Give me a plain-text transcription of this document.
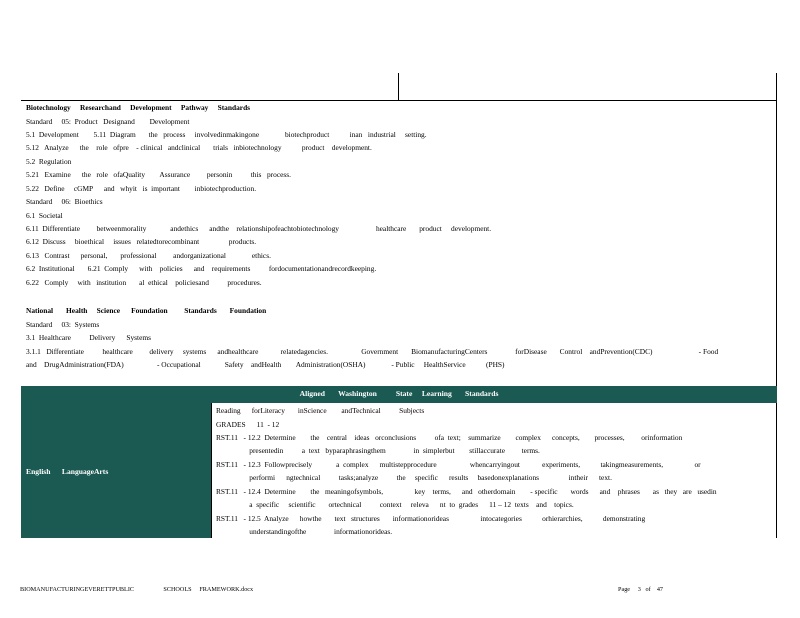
Biotechnology     Researchand     Development     Pathway     Standards
Standard     05:  Product   Designand        Development
5.1  Development        5.11  Diagram       the   process     involvedinmakingone              biotechproduct           inan   industrial     setting.
5.12   Analyze      the    role   ofpre    - clinical   andclinical       trials   inbiotechnology           product    development.
5.2  Regulation
5.21   Examine      the   role   ofaQuality        Assurance         personin          this   process.
5.22   Define     cGMP      and   whyit   is  important        inbiotechproduction.
Standard     06:  Bioethics
6.1  Societal
6.11  Differentiate         betweenmorality             andethics      andthe    relationshipofeachtobiotechnology                    healthcare       product     development.
6.12  Discuss     bioethical     issues   relatedtorecombinant                products.
6.13   Contrast      personal,       professional         andorganizational              ethics.
6.2  Institutional       6.21  Comply      with    policies      and    requirements          fordocumentationandrecordkeeping.
6.22   Comply     with   institution       al  ethical    policiesand          procedures.
National       Health     Science      Foundation         Standards       Foundation
Standard     03:  Systems
3.1  Healthcare          Delivery      Systems
3.1.1   Differentiate          healthcare         delivery     systems      andhealthcare            relatedagencies.                  Government       BiomanufacturingCenters               forDisease       Control    andPrevention(CDC)                         - Food
and    DrugAdministration(FDA)                  - Occupational             Safety    andHealth        Administration(OSHA)              - Public     HealthService           (PHS)
Aligned       Washington          State     Learning       Standards
English      LanguageArts
Reading      forLiteracy       inScience        andTechnical          Subjects
GRADES      11  - 12
RST.11   - 12.2  Determine        the    central    ideas   orconclusions          ofa  text;    summarize        complex      concepts,        processes,         orinformation
presentedin          a  text   byparaphrasingthem               in  simplerbut        stillaccurate         terms.
RST.11   - 12.3  Followprecisely             a  complex      multistepprocedure                  whencarryingout            experiments,           takingmeasurements,                 or
performi      ngtechnical          tasks;analyze          the     specific      results     basedonexplanations                intheir      text.
RST.11   - 12.4  Determine        the   meaningofsymbols,                 key    terms,      and   otherdomain        - specific       words      and    phrases       as   they   are   usedin
a  specific     scientific       ortechnical          context     releva      nt  to  grades      11 – 12  texts    and    topics.
RST.11   - 12.5  Analyze      howthe       text   structures       informationorideas                 intocategories           orhierarchies,           demonstrating
understandingofthe               informationorideas.
BIOMANUFACTURINGEVERETTPUBLIC                   SCHOOLS     FRAMEWORK.docx	Page     3   of    47
